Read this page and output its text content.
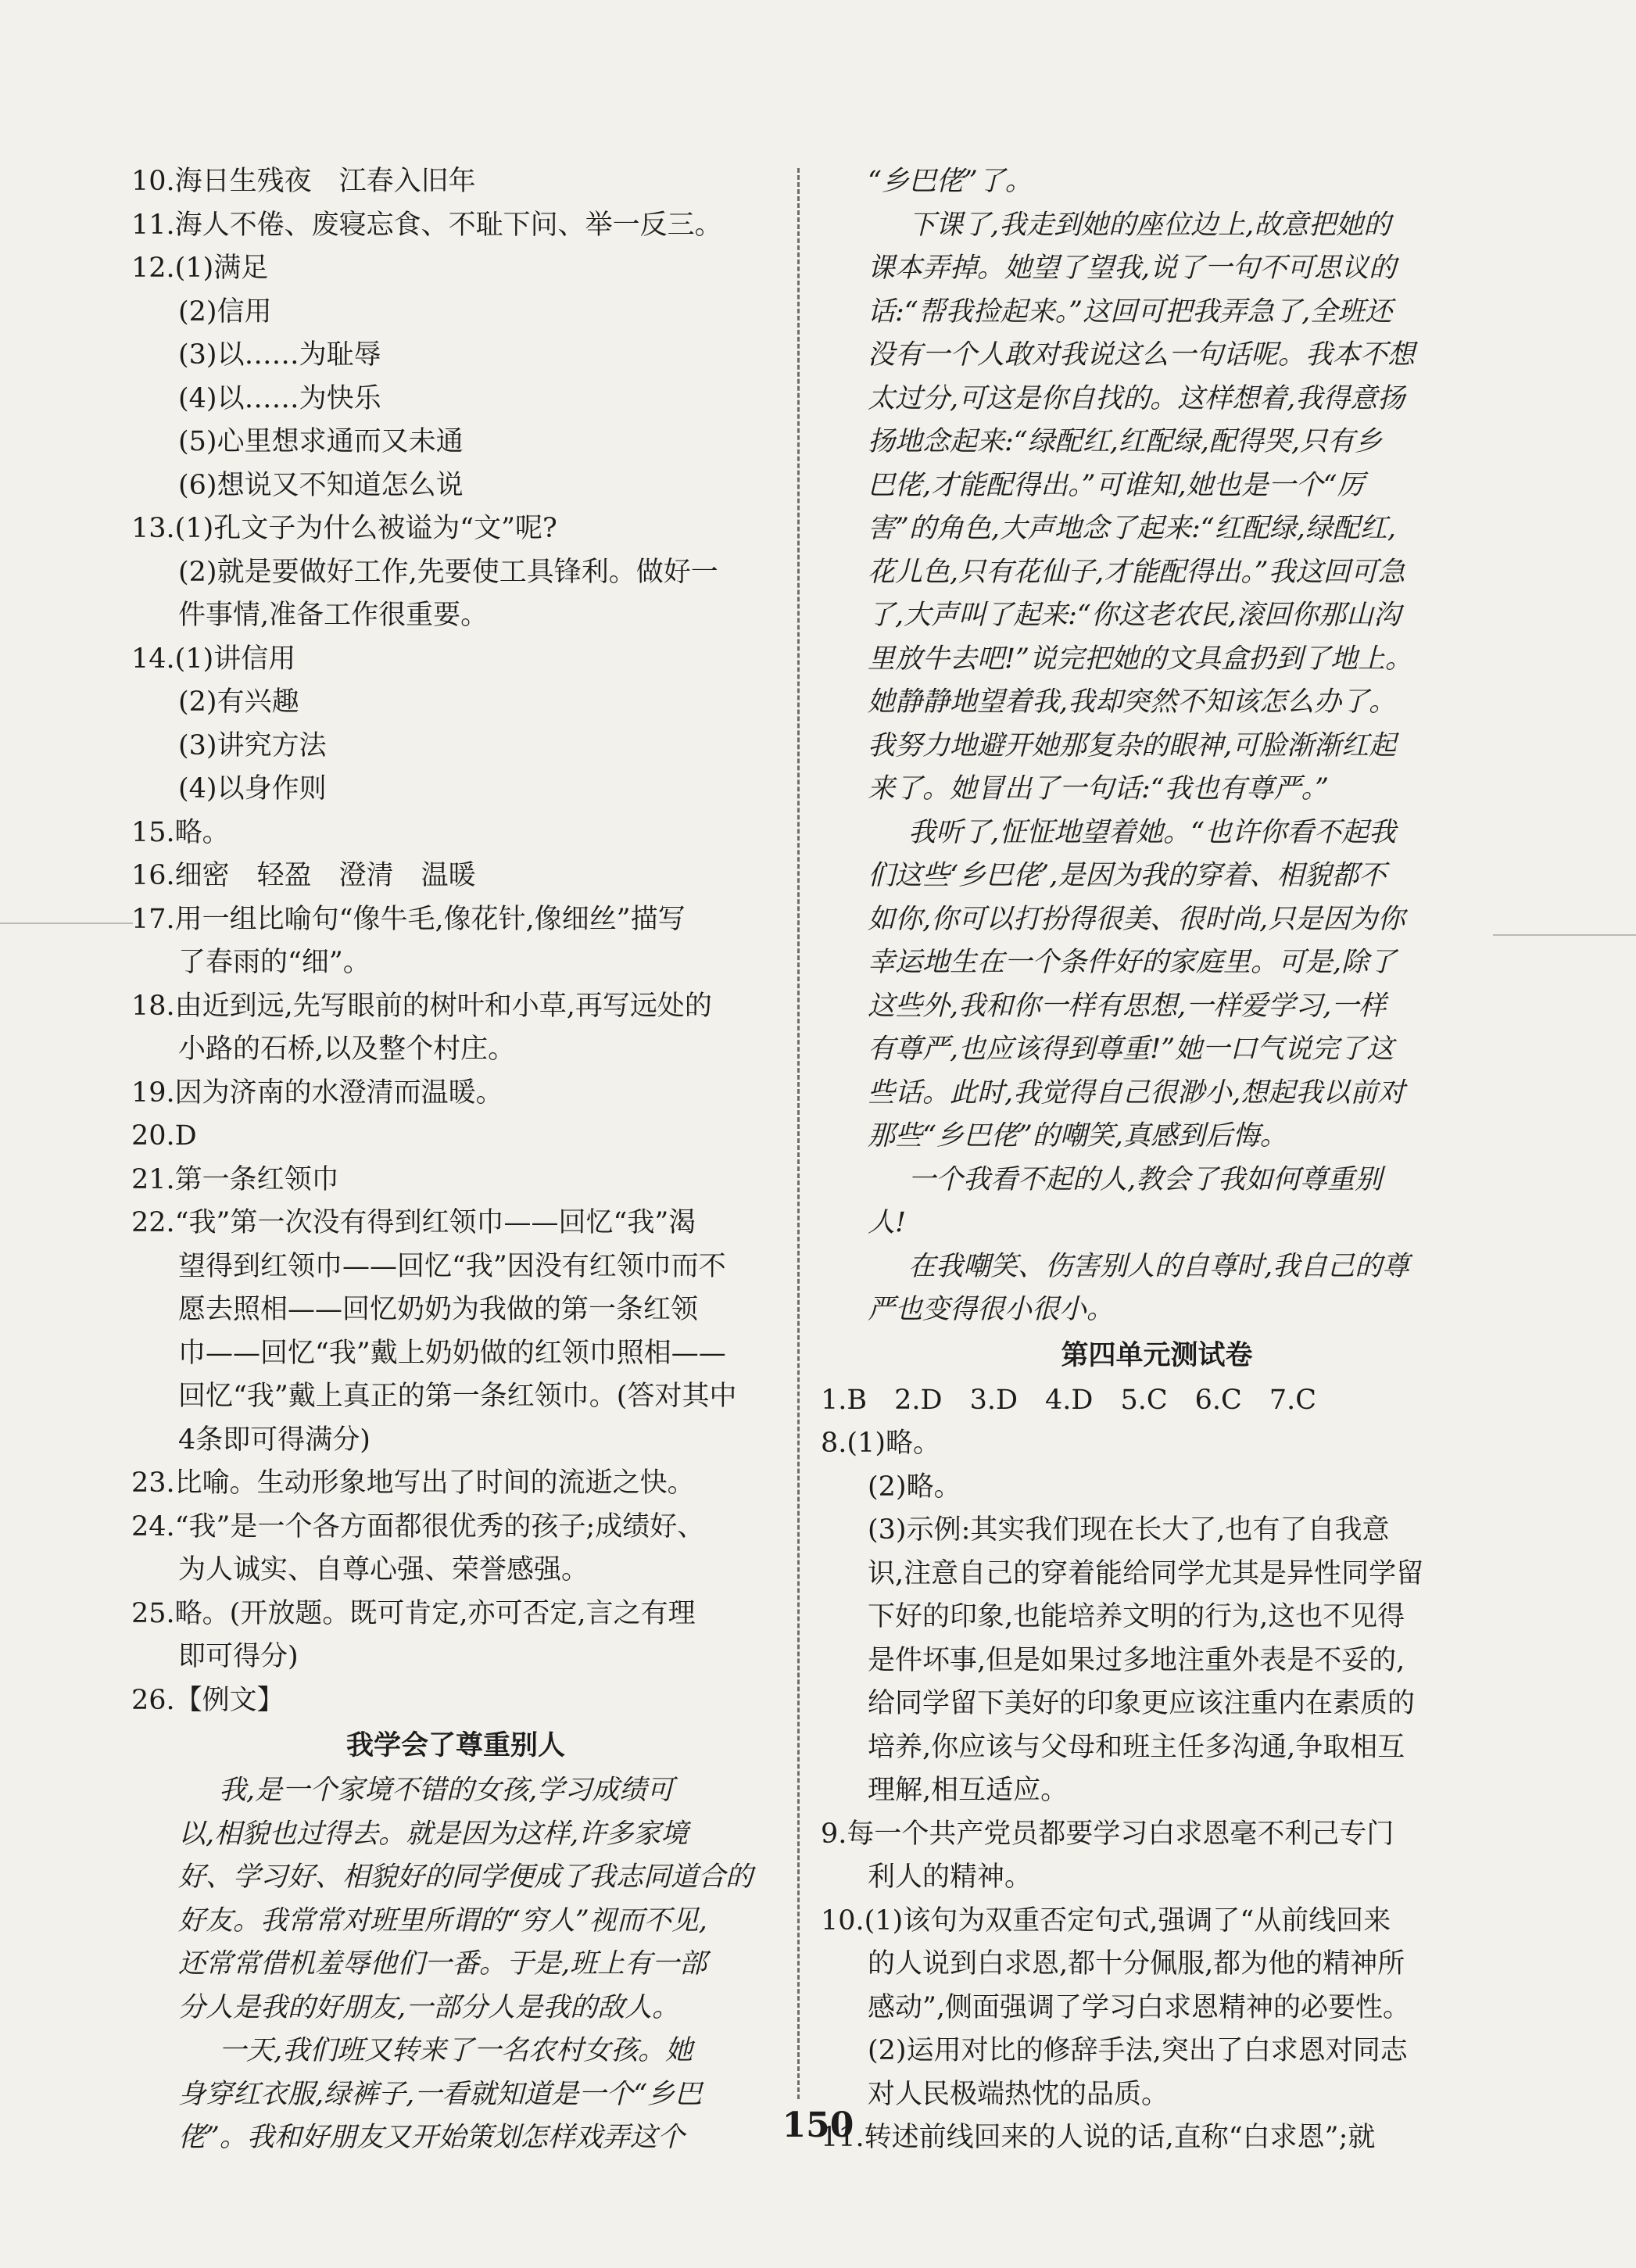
10.海日生残夜　江春入旧年
11.海人不倦、废寝忘食、不耻下问、举一反三。
12.(1)满足
(2)信用
(3)以……为耻辱
(4)以……为快乐
(5)心里想求通而又未通
(6)想说又不知道怎么说
13.(1)孔文子为什么被谥为“文”呢?
(2)就是要做好工作,先要使工具锋利。做好一
件事情,准备工作很重要。
14.(1)讲信用
(2)有兴趣
(3)讲究方法
(4)以身作则
15.略。
16.细密　轻盈　澄清　温暖
17.用一组比喻句“像牛毛,像花针,像细丝”描写
了春雨的“细”。
18.由近到远,先写眼前的树叶和小草,再写远处的
小路的石桥,以及整个村庄。
19.因为济南的水澄清而温暖。
20.D
21.第一条红领巾
22.“我”第一次没有得到红领巾——回忆“我”渴
望得到红领巾——回忆“我”因没有红领巾而不
愿去照相——回忆奶奶为我做的第一条红领
巾——回忆“我”戴上奶奶做的红领巾照相——
回忆“我”戴上真正的第一条红领巾。(答对其中
4条即可得满分)
23.比喻。生动形象地写出了时间的流逝之快。
24.“我”是一个各方面都很优秀的孩子;成绩好、
为人诚实、自尊心强、荣誉感强。
25.略。(开放题。既可肯定,亦可否定,言之有理
即可得分)
26.【例文】
我学会了尊重别人
我,是一个家境不错的女孩,学习成绩可
以,相貌也过得去。就是因为这样,许多家境
好、学习好、相貌好的同学便成了我志同道合的
好友。我常常对班里所谓的“穷人”视而不见,
还常常借机羞辱他们一番。于是,班上有一部
分人是我的好朋友,一部分人是我的敌人。
一天,我们班又转来了一名农村女孩。她
身穿红衣服,绿裤子,一看就知道是一个“乡巴
佬”。我和好朋友又开始策划怎样戏弄这个
“乡巴佬”了。
下课了,我走到她的座位边上,故意把她的
课本弄掉。她望了望我,说了一句不可思议的
话:“帮我捡起来。”这回可把我弄急了,全班还
没有一个人敢对我说这么一句话呢。我本不想
太过分,可这是你自找的。这样想着,我得意扬
扬地念起来:“绿配红,红配绿,配得哭,只有乡
巴佬,才能配得出。”可谁知,她也是一个“厉
害”的角色,大声地念了起来:“红配绿,绿配红,
花儿色,只有花仙子,才能配得出。”我这回可急
了,大声叫了起来:“你这老农民,滚回你那山沟
里放牛去吧!”说完把她的文具盒扔到了地上。
她静静地望着我,我却突然不知该怎么办了。
我努力地避开她那复杂的眼神,可脸渐渐红起
来了。她冒出了一句话:“我也有尊严。”
我听了,怔怔地望着她。“也许你看不起我
们这些‘乡巴佬’,是因为我的穿着、相貌都不
如你,你可以打扮得很美、很时尚,只是因为你
幸运地生在一个条件好的家庭里。可是,除了
这些外,我和你一样有思想,一样爱学习,一样
有尊严,也应该得到尊重!”她一口气说完了这
些话。此时,我觉得自己很渺小,想起我以前对
那些“乡巴佬”的嘲笑,真感到后悔。
一个我看不起的人,教会了我如何尊重别
人!
在我嘲笑、伤害别人的自尊时,我自己的尊
严也变得很小很小。
第四单元测试卷
1.B　2.D　3.D　4.D　5.C　6.C　7.C
8.(1)略。
(2)略。
(3)示例:其实我们现在长大了,也有了自我意
识,注意自己的穿着能给同学尤其是异性同学留
下好的印象,也能培养文明的行为,这也不见得
是件坏事,但是如果过多地注重外表是不妥的,
给同学留下美好的印象更应该注重内在素质的
培养,你应该与父母和班主任多沟通,争取相互
理解,相互适应。
9.每一个共产党员都要学习白求恩毫不利己专门
利人的精神。
10.(1)该句为双重否定句式,强调了“从前线回来
的人说到白求恩,都十分佩服,都为他的精神所
感动”,侧面强调了学习白求恩精神的必要性。
(2)运用对比的修辞手法,突出了白求恩对同志
对人民极端热忱的品质。
11.转述前线回来的人说的话,直称“白求恩”;就
150
